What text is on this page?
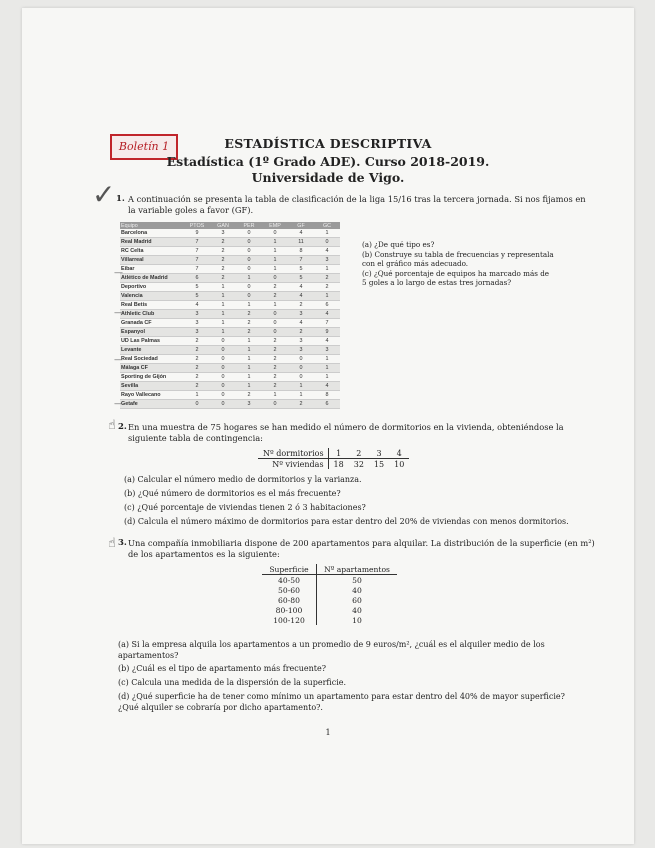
Boletín 1	ESTADÍSTICA DESCRIPTIVA
Estadística (1º Grado ADE). Curso 2018-2019.
Universidade de Vigo.
✓ 1. A continuación se presenta la tabla de clasificación de la liga 15/16 tras la tercera jornada. Si nos fijamos en la variable goles a favor (GF).
Equipo	PTOS	GAN	PER	EMP	GF	GC
Barcelona	9	3	0	0	4	1
Real Madrid	7	2	0	1	11	0
RC Celta	7	2	0	1	8	4
Villarreal	7	2	0	1	7	3
Eibar	7	2	0	1	5	1
Atlético de Madrid	6	2	1	0	5	2
Deportivo	5	1	0	2	4	2
Valencia	5	1	0	2	4	1
Real Betis	4	1	1	1	2	6
Athletic Club	3	1	2	0	3	4
Granada CF	3	1	2	0	4	7
Espanyol	3	1	2	0	2	9
UD Las Palmas	2	0	1	2	3	4
Levante	2	0	1	2	3	3
Real Sociedad	2	0	1	2	0	1
Málaga CF	2	0	1	2	0	1
Sporting de Gijón	2	0	1	2	0	1
Sevilla	2	0	1	2	1	4
Rayo Vallecano	1	0	2	1	1	8
Getafe	0	0	3	0	2	6
(a) ¿De qué tipo es?
(b) Construye su tabla de frecuencias y representala con el gráfico más adecuado.
(c) ¿Qué porcentaje de equipos ha marcado más de 5 goles a lo largo de estas tres jornadas?
—
—
—
—
☝ 2. En una muestra de 75 hogares se han medido el número de dormitorios en la vivienda, obteniéndose la siguiente tabla de contingencia:
Nº dormitorios	1	2	3	4
Nº viviendas	18	32	15	10
(a) Calcular el número medio de dormitorios y la varianza.
(b) ¿Qué número de dormitorios es el más frecuente?
(c) ¿Qué porcentaje de viviendas tienen 2 ó 3 habitaciones?
(d) Calcula el número máximo de dormitorios para estar dentro del 20% de viviendas con menos dormitorios.
☝ 3. Una compañía inmobiliaria dispone de 200 apartamentos para alquilar. La distribución de la superficie (en m²) de los apartamentos es la siguiente:
Superficie	Nº apartamentos
40-50	50
50-60	40
60-80	60
80-100	40
100-120	10
(a) Si la empresa alquila los apartamentos a un promedio de 9 euros/m², ¿cuál es el alquiler medio de los apartamentos?
(b) ¿Cuál es el tipo de apartamento más frecuente?
(c) Calcula una medida de la dispersión de la superficie.
(d) ¿Qué superficie ha de tener como mínimo un apartamento para estar dentro del 40% de mayor superficie? ¿Qué alquiler se cobraría por dicho apartamento?.
1
